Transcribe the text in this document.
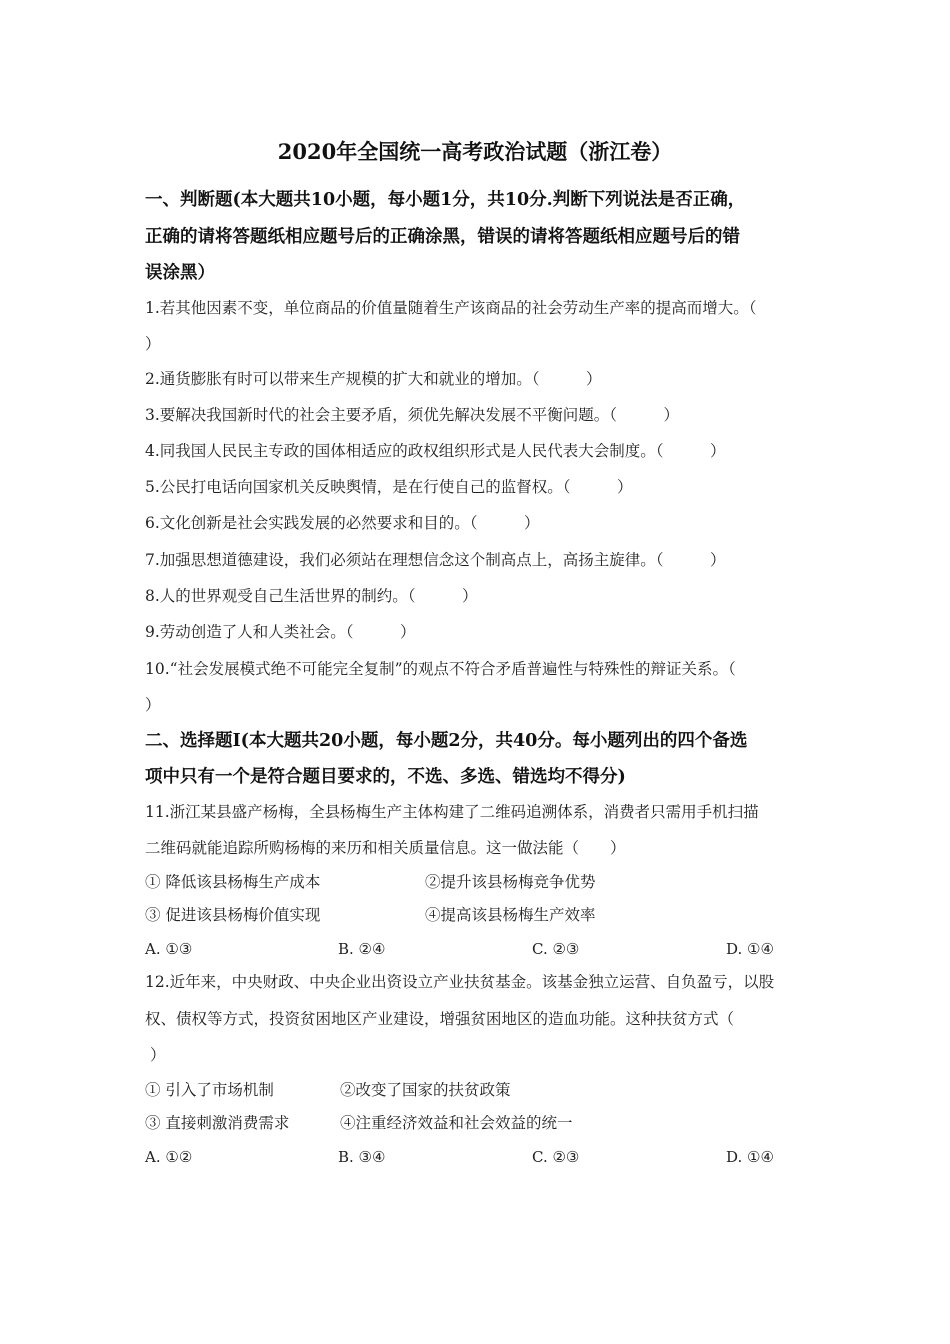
2020年全国统一高考政治试题（浙江卷）
一、判断题(本大题共10小题，每小题1分，共10分.判断下列说法是否正确，
正确的请将答题纸相应题号后的正确涂黑，错误的请将答题纸相应题号后的错
误涂黑）
1.若其他因素不变，单位商品的价值量随着生产该商品的社会劳动生产率的提高而增大。（
）
2.通货膨胀有时可以带来生产规模的扩大和就业的增加。（　　　）
3.要解决我国新时代的社会主要矛盾，须优先解决发展不平衡问题。（　　　）
4.同我国人民民主专政的国体相适应的政权组织形式是人民代表大会制度。（　　　）
5.公民打电话向国家机关反映舆情，是在行使自己的监督权。（　　　）
6.文化创新是社会实践发展的必然要求和目的。（　　　）
7.加强思想道德建设，我们必须站在理想信念这个制高点上，高扬主旋律。（　　　）
8.人的世界观受自己生活世界的制约。（　　　）
9.劳动创造了人和人类社会。（　　　）
10.“社会发展模式绝不可能完全复制”的观点不符合矛盾普遍性与特殊性的辩证关系。（
）
二、选择题Ⅰ(本大题共20小题，每小题2分，共40分。每小题列出的四个备选
项中只有一个是符合题目要求的，不选、多选、错选均不得分)
11.浙江某县盛产杨梅，全县杨梅生产主体构建了二维码追溯体系，消费者只需用手机扫描
二维码就能追踪所购杨梅的来历和相关质量信息。这一做法能（　　）
① 降低该县杨梅生产成本	②提升该县杨梅竞争优势
③ 促进该县杨梅价值实现	④提高该县杨梅生产效率
A. ①③	B. ②④	C. ②③	D. ①④
12.近年来，中央财政、中央企业出资设立产业扶贫基金。该基金独立运营、自负盈亏，以股
权、债权等方式，投资贫困地区产业建设，增强贫困地区的造血功能。这种扶贫方式（
）
① 引入了市场机制	②改变了国家的扶贫政策
③ 直接刺激消费需求	④注重经济效益和社会效益的统一
A. ①②	B. ③④	C. ②③	D. ①④
